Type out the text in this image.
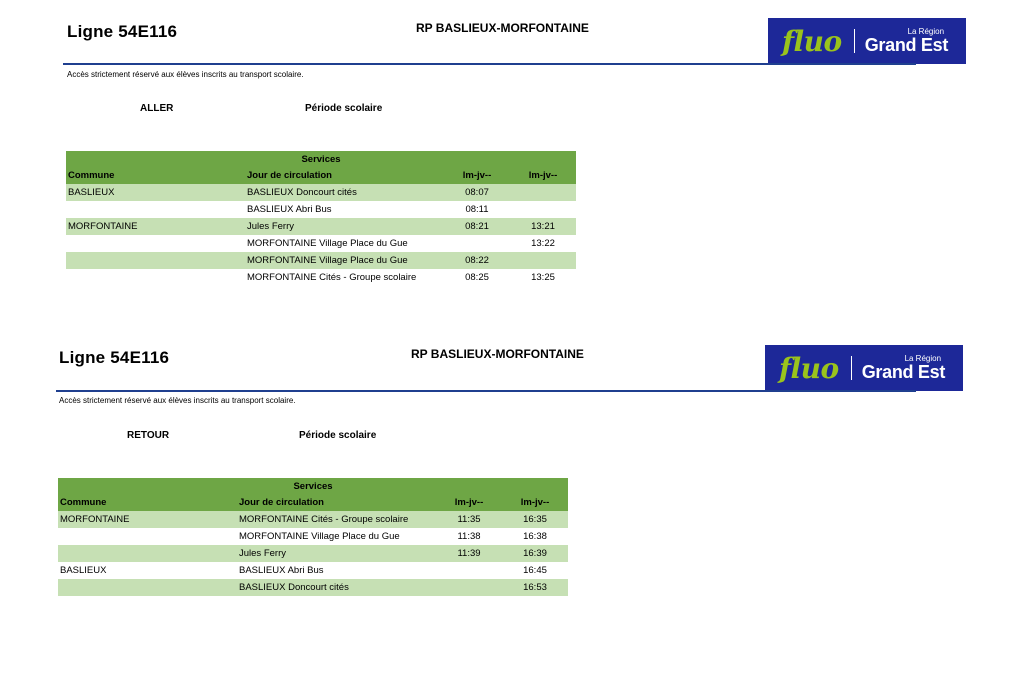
Ligne 54E116	RP BASLIEUX-MORFONTAINE	fluo	La Région
Grand Est
Accès strictement réservé aux élèves inscrits au transport scolaire.
ALLER	Période scolaire
Services			
Commune	Jour de circulation	lm-jv--	lm-jv--
BASLIEUX	BASLIEUX Doncourt cités	08:07	
	BASLIEUX Abri Bus	08:11	
MORFONTAINE	Jules Ferry	08:21	13:21
	MORFONTAINE Village Place du Gue		13:22
	MORFONTAINE Village Place du Gue	08:22	
	MORFONTAINE Cités - Groupe scolaire	08:25	13:25
Ligne 54E116	RP BASLIEUX-MORFONTAINE	fluo	La Région
Grand Est
Accès strictement réservé aux élèves inscrits au transport scolaire.
RETOUR	Période scolaire
Services			
Commune	Jour de circulation	lm-jv--	lm-jv--
MORFONTAINE	MORFONTAINE Cités - Groupe scolaire	11:35	16:35
	MORFONTAINE Village Place du Gue	11:38	16:38
	Jules Ferry	11:39	16:39
BASLIEUX	BASLIEUX Abri Bus		16:45
	BASLIEUX Doncourt cités		16:53
